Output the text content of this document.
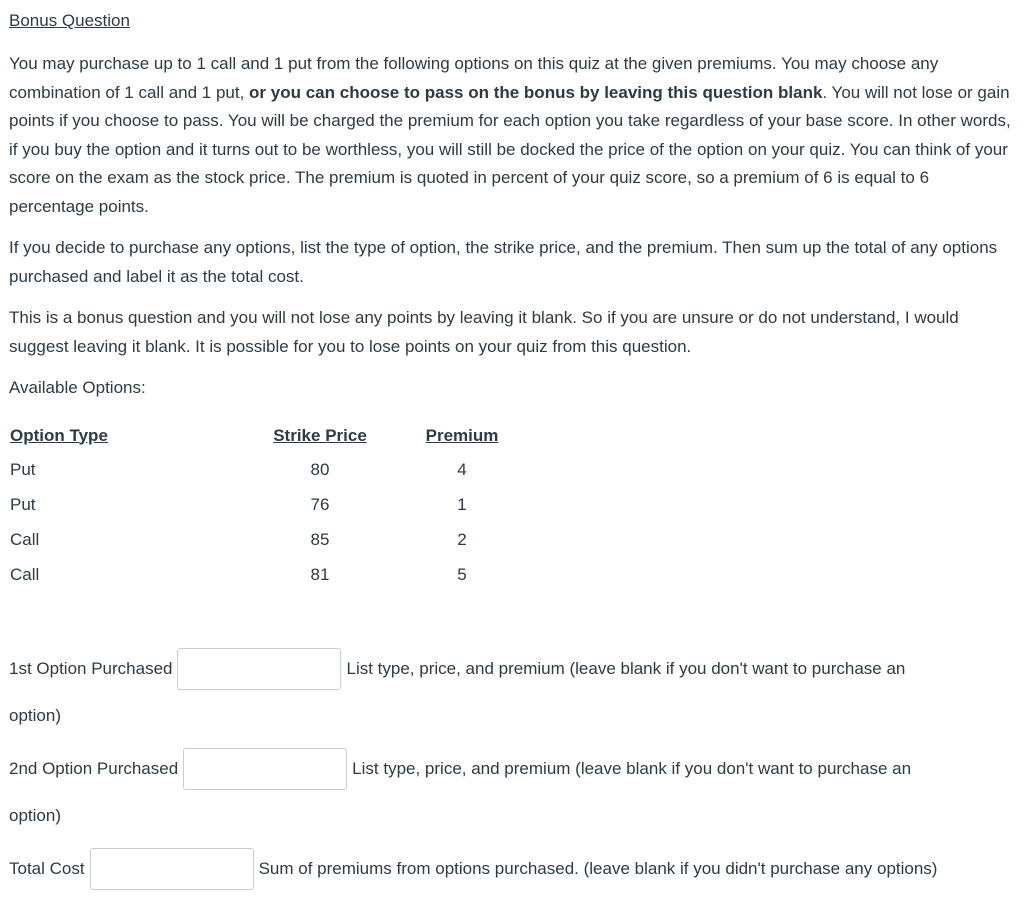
Bonus Question

You may purchase up to 1 call and 1 put from the following options on this quiz at the given premiums. You may choose any combination of 1 call and 1 put, or you can choose to pass on the bonus by leaving this question blank. You will not lose or gain points if you choose to pass. You will be charged the premium for each option you take regardless of your base score. In other words, if you buy the option and it turns out to be worthless, you will still be docked the price of the option on your quiz. You can think of your score on the exam as the stock price. The premium is quoted in percent of your quiz score, so a premium of 6 is equal to 6 percentage points.

If you decide to purchase any options, list the type of option, the strike price, and the premium. Then sum up the total of any options purchased and label it as the total cost.

This is a bonus question and you will not lose any points by leaving it blank. So if you are unsure or do not understand, I would suggest leaving it blank. It is possible for you to lose points on your quiz from this question.

Available Options:

Option Type	Strike Price	Premium
Put	80	4
Put	76	1
Call	85	2
Call	81	5
1st Option Purchased	List type, price, and premium (leave blank if you don't want to purchase an
option)
2nd Option Purchased	List type, price, and premium (leave blank if you don't want to purchase an
option)
Total Cost	Sum of premiums from options purchased. (leave blank if you didn't purchase any options)
